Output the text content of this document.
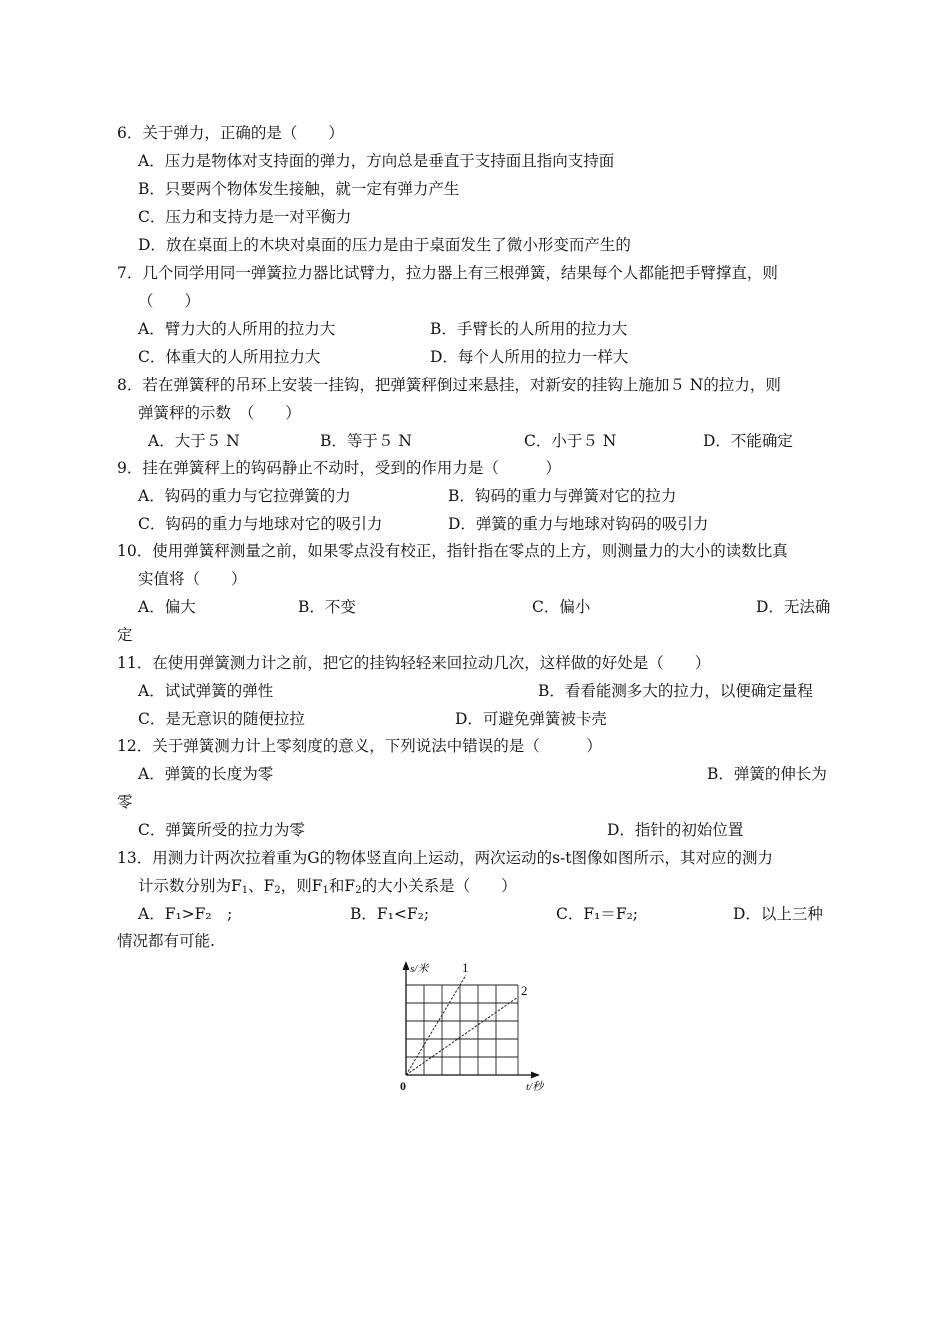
6．关于弹力，正确的是（　　）
A．压力是物体对支持面的弹力，方向总是垂直于支持面且指向支持面
B．只要两个物体发生接触，就一定有弹力产生
C．压力和支持力是一对平衡力
D．放在桌面上的木块对桌面的压力是由于桌面发生了微小形变而产生的
7．几个同学用同一弹簧拉力器比试臂力，拉力器上有三根弹簧，结果每个人都能把手臂撑直，则
（　　）
A．臂力大的人所用的拉力大	B．手臂长的人所用的拉力大
C．体重大的人所用拉力大	D．每个人所用的拉力一样大
8．若在弹簧秤的吊环上安装一挂钩，把弹簧秤倒过来悬挂，对新安的挂钩上施加５ N的拉力，则
弹簧秤的示数　（　　）
A．大于５ N	B．等于５ N	C．小于５ N	D．不能确定
9．挂在弹簧秤上的钩码静止不动时，受到的作用力是（　　　）
A．钩码的重力与它拉弹簧的力	B．钩码的重力与弹簧对它的拉力
C．钩码的重力与地球对它的吸引力	D．弹簧的重力与地球对钩码的吸引力
10．使用弹簧秤测量之前，如果零点没有校正，指针指在零点的上方，则测量力的大小的读数比真
实值将（　　）
A．偏大	B．不变	C．偏小	D．无法确
定
11．在使用弹簧测力计之前，把它的挂钩轻轻来回拉动几次，这样做的好处是（　　）
A．试试弹簧的弹性	B．看看能测多大的拉力，以便确定量程
C．是无意识的随便拉拉	D．可避免弹簧被卡壳
12．关于弹簧测力计上零刻度的意义，下列说法中错误的是（　　　）
A．弹簧的长度为零	B．弹簧的伸长为
零
C．弹簧所受的拉力为零	D．指针的初始位置
13．用测力计两次拉着重为G的物体竖直向上运动，两次运动的s-t图像如图所示，其对应的测力
计示数分别为$F_1$、$F_2$，则$F_1$和$F_2$的大小关系是（　　）
A．F₁>F₂　;	B．F₁<F₂;	C．F₁＝F₂;	D．以上三种
情况都有可能.
1
2
0
s/米
t/秒
